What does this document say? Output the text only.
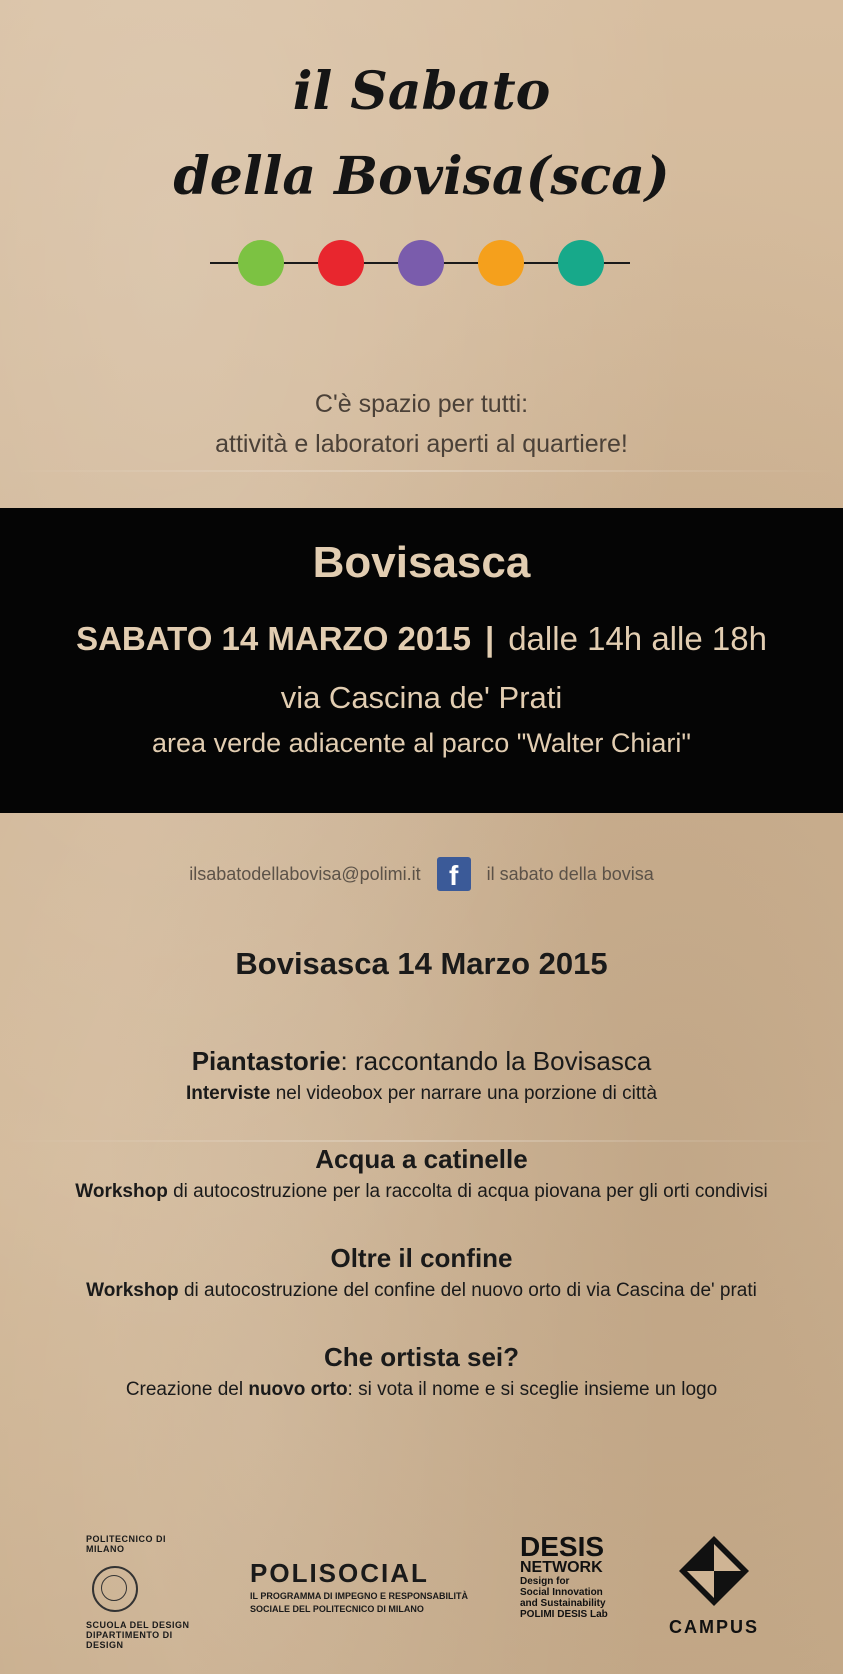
il Sabato
della Bovisa(sca)
C'è spazio per tutti:
attività e laboratori aperti al quartiere!
Bovisasca
SABATO 14 MARZO 2015 | dalle 14h alle 18h
via Cascina de' Prati
area verde adiacente al parco "Walter Chiari"
ilsabatodellabovisa@polimi.it	f	il sabato della bovisa
Bovisasca 14 Marzo 2015
Piantastorie: raccontando la Bovisasca
Interviste nel videobox per narrare una porzione di città
Acqua a catinelle
Workshop di autocostruzione per la raccolta di acqua piovana per gli orti condivisi
Oltre il confine
Workshop di autocostruzione del confine del nuovo orto di via Cascina de' prati
Che ortista sei?
Creazione del nuovo orto: si vota il nome e si sceglie insieme un logo
POLITECNICO DI MILANO
SCUOLA DEL DESIGN
DIPARTIMENTO DI DESIGN
POLISOCIAL
IL PROGRAMMA DI IMPEGNO E RESPONSABILITÀ
SOCIALE DEL POLITECNICO DI MILANO
DESIS
NETWORK
Design for
Social Innovation
and Sustainability
POLIMI DESIS Lab
CAMPUS
